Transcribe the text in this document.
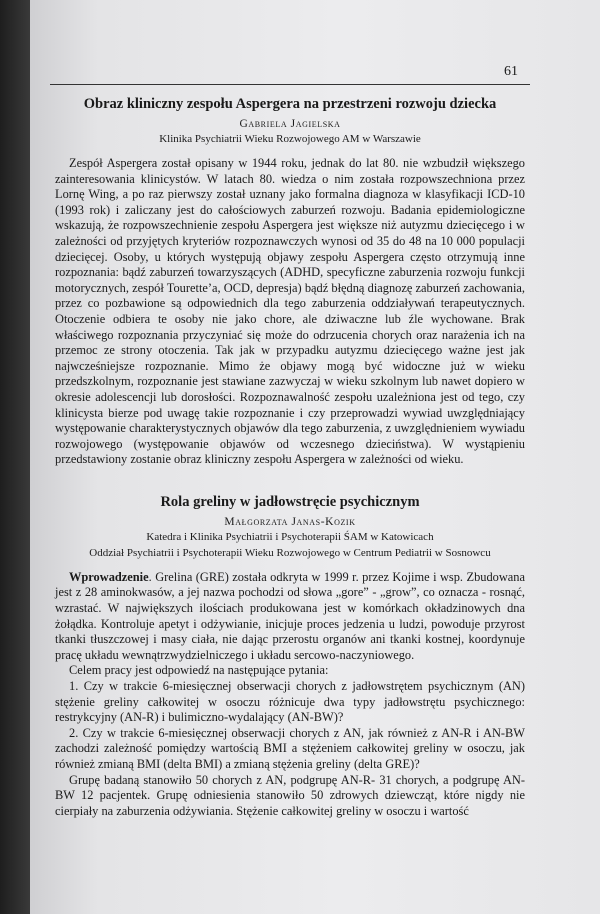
61
Obraz kliniczny zespołu Aspergera na przestrzeni rozwoju dziecka
Gabriela Jagielska
Klinika Psychiatrii Wieku Rozwojowego AM w Warszawie

Zespół Aspergera został opisany w 1944 roku, jednak do lat 80. nie wzbudził większego zainteresowania klinicystów. W latach 80. wiedza o nim została rozpowszechniona przez Lornę Wing, a po raz pierwszy został uznany jako formalna diagnoza w klasyfikacji ICD-10 (1993 rok) i zaliczany jest do całościowych zaburzeń rozwoju. Badania epidemiologiczne wskazują, że rozpowszechnienie zespołu Aspergera jest większe niż autyzmu dziecięcego i w zależności od przyjętych kryteriów rozpoznawczych wynosi od 35 do 48 na 10 000 populacji dziecięcej. Osoby, u których występują objawy zespołu Aspergera często otrzymują inne rozpoznania: bądź zaburzeń towarzyszących (ADHD, specyficzne zaburzenia rozwoju funkcji motorycznych, zespół Tourette’a, OCD, depresja) bądź błędną diagnozę zaburzeń zachowania, przez co pozbawione są odpowiednich dla tego zaburzenia oddziaływań terapeutycznych. Otoczenie odbiera te osoby nie jako chore, ale dziwaczne lub źle wychowane. Brak właściwego rozpoznania przyczyniać się może do odrzucenia chorych oraz narażenia ich na przemoc ze strony otoczenia. Tak jak w przypadku autyzmu dziecięcego ważne jest jak najwcześniejsze rozpoznanie. Mimo że objawy mogą być widoczne już w wieku przedszkolnym, rozpoznanie jest stawiane zazwyczaj w wieku szkolnym lub nawet dopiero w okresie adolescencji lub dorosłości. Rozpoznawalność zespołu uzależniona jest od tego, czy klinicysta bierze pod uwagę takie rozpoznanie i czy przeprowadzi wywiad uwzględniający występowanie charakterystycznych objawów dla tego zaburzenia, z uwzględnieniem wywiadu rozwojowego (występowanie objawów od wczesnego dzieciństwa). W wystąpieniu przedstawiony zostanie obraz kliniczny zespołu Aspergera w zależności od wieku.

Rola greliny w jadłowstręcie psychicznym
Małgorzata Janas-Kozik
Katedra i Klinika Psychiatrii i Psychoterapii ŚAM w Katowicach
Oddział Psychiatrii i Psychoterapii Wieku Rozwojowego w Centrum Pediatrii w Sosnowcu

Wprowadzenie. Grelina (GRE) została odkryta w 1999 r. przez Kojime i wsp. Zbudowana jest z 28 aminokwasów, a jej nazwa pochodzi od słowa „gore” - „grow”, co oznacza - rosnąć, wzrastać. W największych ilościach produkowana jest w komórkach okładzinowych dna żołądka. Kontroluje apetyt i odżywianie, inicjuje proces jedzenia u ludzi, powoduje przyrost tkanki tłuszczowej i masy ciała, nie dając przerostu organów ani tkanki kostnej, koordynuje pracę układu wewnątrzwydzielniczego i układu sercowo-naczyniowego.

Celem pracy jest odpowiedź na następujące pytania:

1. Czy w trakcie 6-miesięcznej obserwacji chorych z jadłowstrętem psychicznym (AN) stężenie greliny całkowitej w osoczu różnicuje dwa typy jadłowstrętu psychicznego: restrykcyjny (AN-R) i bulimiczno-wydalający (AN-BW)?

2. Czy w trakcie 6-miesięcznej obserwacji chorych z AN, jak również z AN-R i AN-BW zachodzi zależność pomiędzy wartością BMI a stężeniem całkowitej greliny w osoczu, jak również zmianą BMI (delta BMI) a zmianą stężenia greliny (delta GRE)?

Grupę badaną stanowiło 50 chorych z AN, podgrupę AN-R- 31 chorych, a podgrupę AN-BW 12 pacjentek. Grupę odniesienia stanowiło 50 zdrowych dziewcząt, które nigdy nie cierpiały na zaburzenia odżywiania. Stężenie całkowitej greliny w osoczu i wartość
